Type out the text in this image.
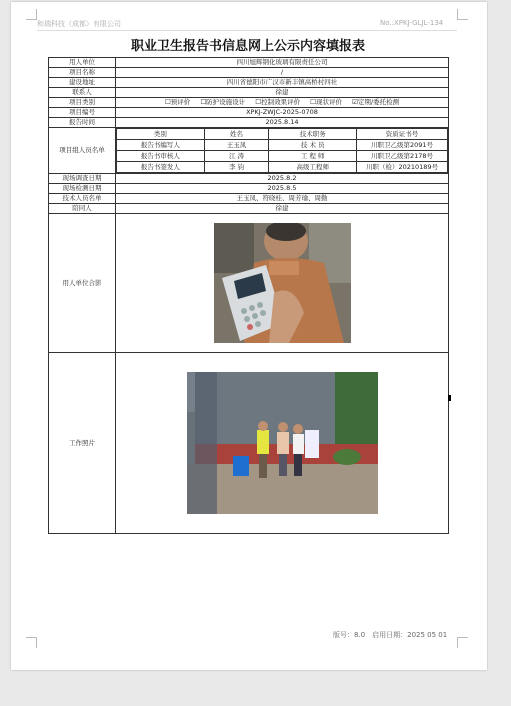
和瑞科技（成都）有限公司	No.:XPKJ-GLJL-134
职业卫生报告书信息网上公示内容填报表
用人单位	四川旭辉钢化玻璃有限责任公司
项目名称	/
建设地址	四川省德阳市广汉市新丰镇高桥村四社
联系人	徐建
项目类别	☐预评价 ☐防护设施设计 ☐控制效果评价 ☐现状评价 ☑定期/委托检测
项目编号	XPKJ-ZWJC-2025-0708
报告时间	2025.8.14
项目组人员名单	
类别	姓名	技术职务	资质证书号
报告书编写人	王玉凤	技 术 员	川职卫乙级第2091号
报告书审核人	江 涛	工 程 师	川职卫乙级第2178号
报告书签发人	李 钧	高级工程师	川职（检）20210189号

现场调查日期	2025.8.2
现场检测日期	2025.8.5
技术人员名单	王玉凤、符晓桂、周芳瑜、周勤
陪同人	徐建
用人单位合影	

工作照片	
版号：8.0　启用日期：2025 05 01
